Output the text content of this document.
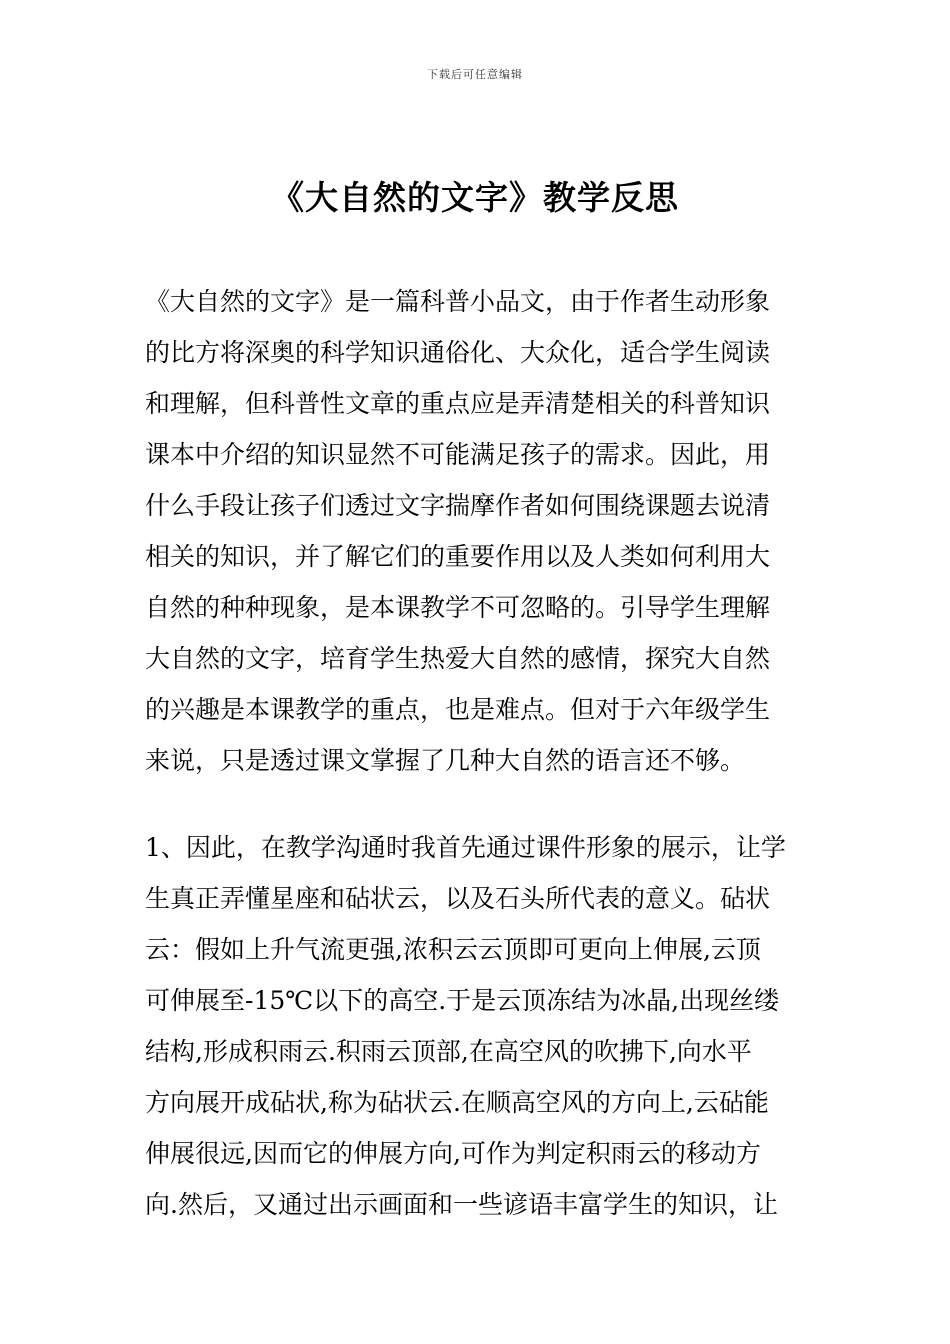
下载后可任意编辑
《大自然的文字》教学反思
《大自然的文字》是一篇科普小品文，由于作者生动形象
的比方将深奥的科学知识通俗化、大众化，适合学生阅读
和理解，但科普性文章的重点应是弄清楚相关的科普知识
课本中介绍的知识显然不可能满足孩子的需求。因此，用
什么手段让孩子们透过文字揣摩作者如何围绕课题去说清
相关的知识，并了解它们的重要作用以及人类如何利用大
自然的种种现象，是本课教学不可忽略的。引导学生理解
大自然的文字，培育学生热爱大自然的感情，探究大自然
的兴趣是本课教学的重点，也是难点。但对于六年级学生
来说，只是透过课文掌握了几种大自然的语言还不够。
1、因此，在教学沟通时我首先通过课件形象的展示，让学
生真正弄懂星座和砧状云，以及石头所代表的意义。砧状
云：假如上升气流更强,浓积云云顶即可更向上伸展,云顶
可伸展至-15℃以下的高空.于是云顶冻结为冰晶,出现丝缕
结构,形成积雨云.积雨云顶部,在高空风的吹拂下,向水平
方向展开成砧状,称为砧状云.在顺高空风的方向上,云砧能
伸展很远,因而它的伸展方向,可作为判定积雨云的移动方
向.然后，又通过出示画面和一些谚语丰富学生的知识，让
